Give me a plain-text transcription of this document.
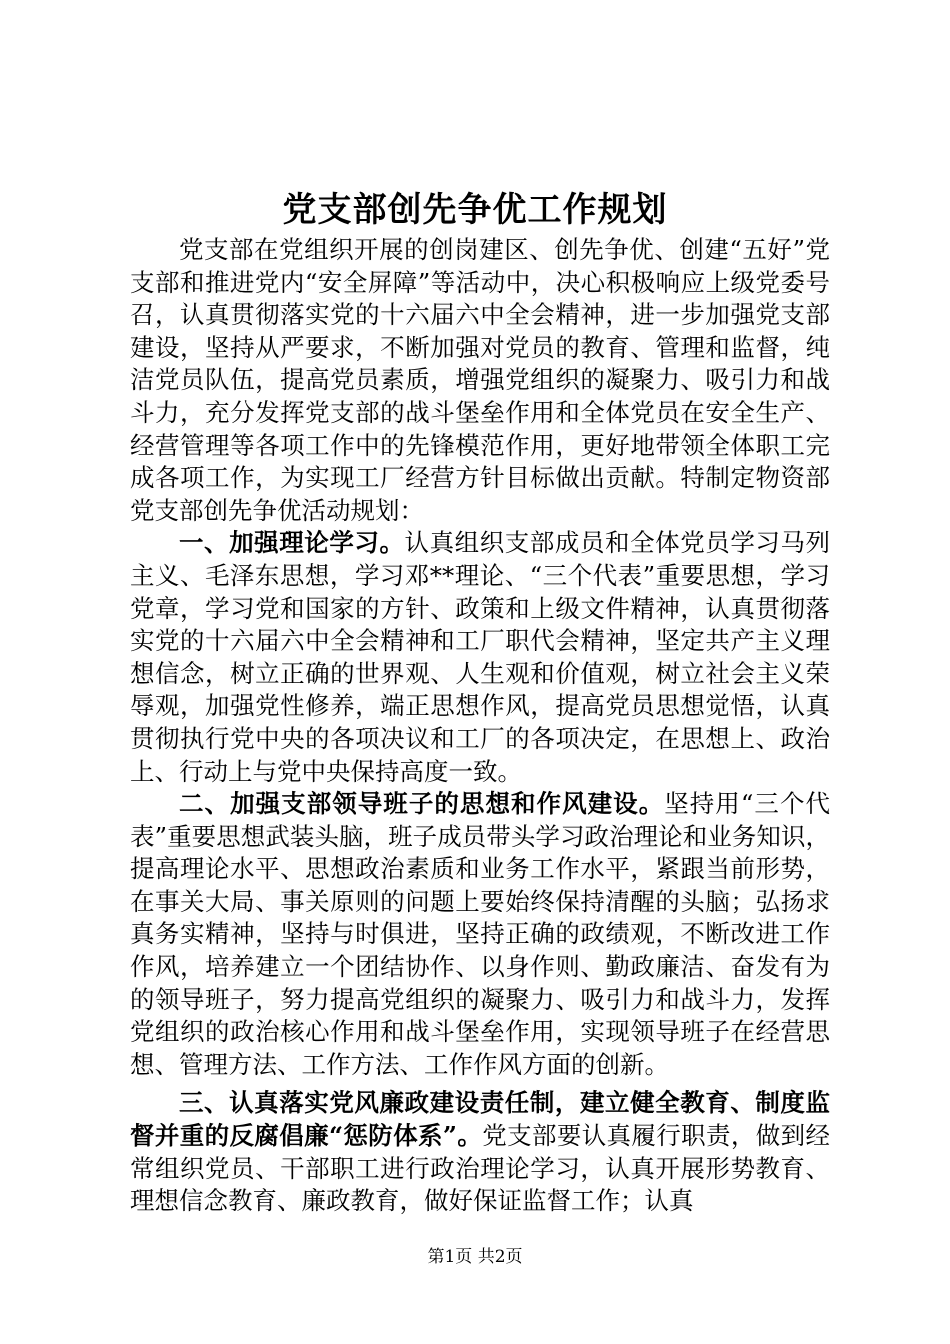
党支部创先争优工作规划

党支部在党组织开展的创岗建区、创先争优、创建“五好”党支部和推进党内“安全屏障”等活动中，决心积极响应上级党委号召，认真贯彻落实党的十六届六中全会精神，进一步加强党支部建设，坚持从严要求，不断加强对党员的教育、管理和监督，纯洁党员队伍，提高党员素质，增强党组织的凝聚力、吸引力和战斗力，充分发挥党支部的战斗堡垒作用和全体党员在安全生产、经营管理等各项工作中的先锋模范作用，更好地带领全体职工完成各项工作，为实现工厂经营方针目标做出贡献。特制定物资部党支部创先争优活动规划：

一、加强理论学习。认真组织支部成员和全体党员学习马列主义、毛泽东思想，学习邓**理论、“三个代表”重要思想，学习党章，学习党和国家的方针、政策和上级文件精神，认真贯彻落实党的十六届六中全会精神和工厂职代会精神，坚定共产主义理想信念，树立正确的世界观、人生观和价值观，树立社会主义荣辱观，加强党性修养，端正思想作风，提高党员思想觉悟，认真贯彻执行党中央的各项决议和工厂的各项决定，在思想上、政治上、行动上与党中央保持高度一致。

二、加强支部领导班子的思想和作风建设。坚持用“三个代表”重要思想武装头脑，班子成员带头学习政治理论和业务知识，提高理论水平、思想政治素质和业务工作水平，紧跟当前形势，在事关大局、事关原则的问题上要始终保持清醒的头脑；弘扬求真务实精神，坚持与时俱进，坚持正确的政绩观，不断改进工作作风，培养建立一个团结协作、以身作则、勤政廉洁、奋发有为的领导班子，努力提高党组织的凝聚力、吸引力和战斗力，发挥党组织的政治核心作用和战斗堡垒作用，实现领导班子在经营思想、管理方法、工作方法、工作作风方面的创新。

三、认真落实党风廉政建设责任制，建立健全教育、制度监督并重的反腐倡廉“惩防体系”。党支部要认真履行职责，做到经常组织党员、干部职工进行政治理论学习，认真开展形势教育、理想信念教育、廉政教育，做好保证监督工作；认真

第1页 共2页
